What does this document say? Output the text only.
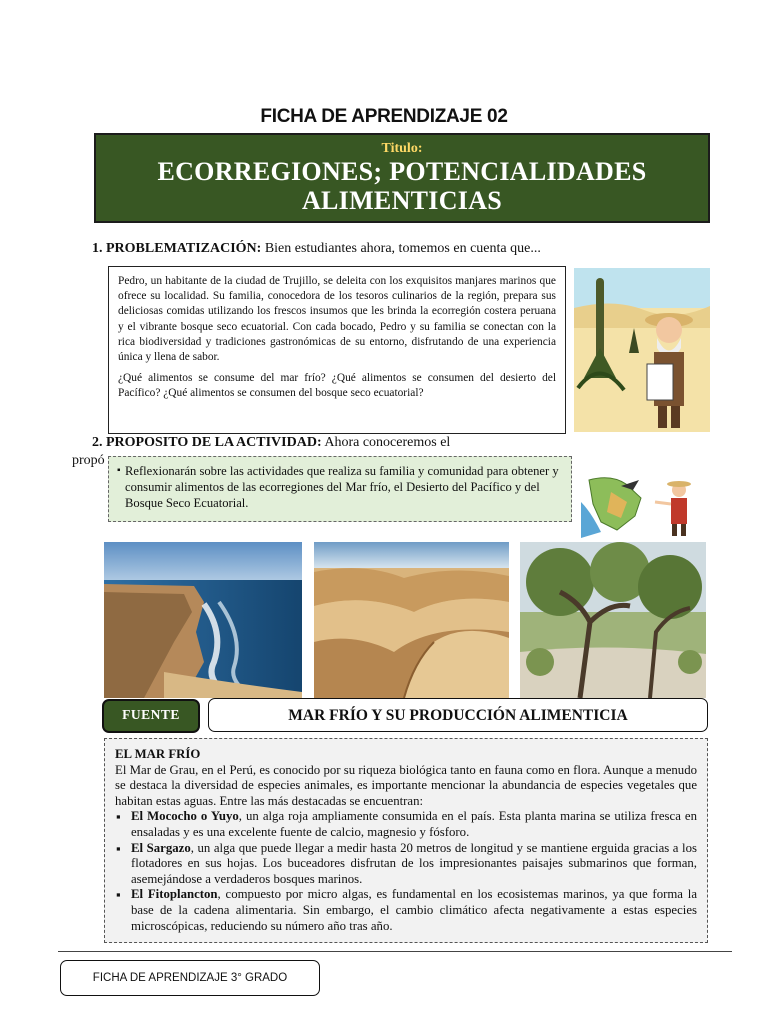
FICHA DE APRENDIZAJE 02
Titulo:
ECORREGIONES; POTENCIALIDADES
ALIMENTICIAS
1. PROBLEMATIZACIÓN: Bien estudiantes ahora, tomemos en cuenta que...

Pedro, un habitante de la ciudad de Trujillo, se deleita con los exquisitos manjares marinos que ofrece su localidad. Su familia, conocedora de los tesoros culinarios de la región, prepara sus deliciosas comidas utilizando los frescos insumos que les brinda la ecorregión costera peruana y el vibrante bosque seco ecuatorial. Con cada bocado, Pedro y su familia se conectan con la rica biodiversidad y tradiciones gastronómicas de su entorno, disfrutando de una experiencia única y llena de sabor.

¿Qué alimentos se consume del mar frío? ¿Qué alimentos se consumen del desierto del Pacífico? ¿Qué alimentos se consumen del bosque seco ecuatorial?

2. PROPOSITO DE LA ACTIVIDAD: Ahora conoceremos el
propó
▪ Reflexionarán sobre las actividades que realiza su familia y comunidad para obtener y consumir alimentos de las ecorregiones del Mar frío, el Desierto del Pacífico y del Bosque Seco Ecuatorial.
FUENTE	MAR FRÍO Y SU PRODUCCIÓN ALIMENTICIA
EL MAR FRÍO
El Mar de Grau, en el Perú, es conocido por su riqueza biológica tanto en fauna como en flora. Aunque a menudo se destaca la diversidad de especies animales, es importante mencionar la abundancia de especies vegetales que habitan estas aguas. Entre las más destacadas se encuentran:
▪ El Mococho o Yuyo, un alga roja ampliamente consumida en el país. Esta planta marina se utiliza fresca en ensaladas y es una excelente fuente de calcio, magnesio y fósforo.
▪ El Sargazo, un alga que puede llegar a medir hasta 20 metros de longitud y se mantiene erguida gracias a los flotadores en sus hojas. Los buceadores disfrutan de los impresionantes paisajes submarinos que forman, asemejándose a verdaderos bosques marinos.
▪ El Fitoplancton, compuesto por micro algas, es fundamental en los ecosistemas marinos, ya que forma la base de la cadena alimentaria. Sin embargo, el cambio climático afecta negativamente a estas especies microscópicas, reduciendo su número año tras año.
FICHA DE APRENDIZAJE 3° GRADO
